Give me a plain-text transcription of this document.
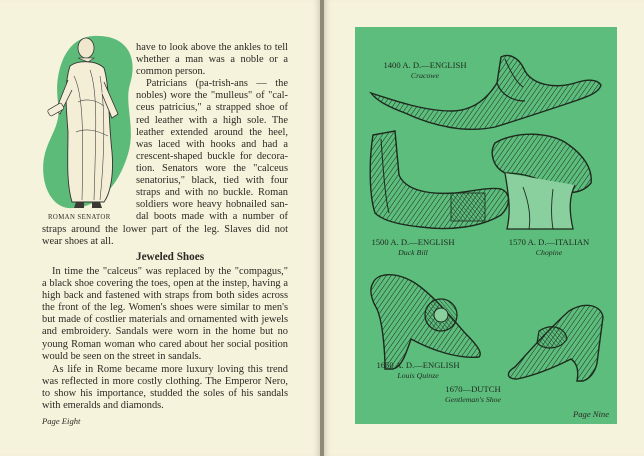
ROMAN SENATOR
have to look above the ankles to tell
whether a man was a noble or a
common person.
Patricians (pa-trish-ans — the
nobles) wore the "mulleus" of "cal-
ceus patricius," a strapped shoe of
red leather with a high sole. The
leather extended around the heel,
was laced with hooks and had a
crescent-shaped buckle for decora-
tion. Senators wore the "calceus
senatorius," black, tied with four
straps and with no buckle. Roman
soldiers wore heavy hobnailed san-
dal boots made with a number of
straps around the lower part of the leg. Slaves did not
wear shoes at all.
Jeweled Shoes
In time the "calceus" was replaced by the "compagus,"
a black shoe covering the toes, open at the instep, having a
high back and fastened with straps from both sides across
the front of the leg. Women's shoes were similar to men's
but made of costlier materials and ornamented with jewels
and embroidery. Sandals were worn in the home but no
young Roman woman who cared about her social position
would be seen on the street in sandals.
As life in Rome became more luxury loving this trend
was reflected in more costly clothing. The Emperor Nero,
to show his importance, studded the soles of his sandals
with emeralds and diamonds.
Page Eight
1400 A. D.—ENGLISH
Cracowe
1500 A. D.—ENGLISH
Duck Bill
1570 A. D.—ITALIAN
Chopine
1650 A. D.—ENGLISH
Louis Quinze
1670—DUTCH
Gentleman's Shoe
Page Nine
